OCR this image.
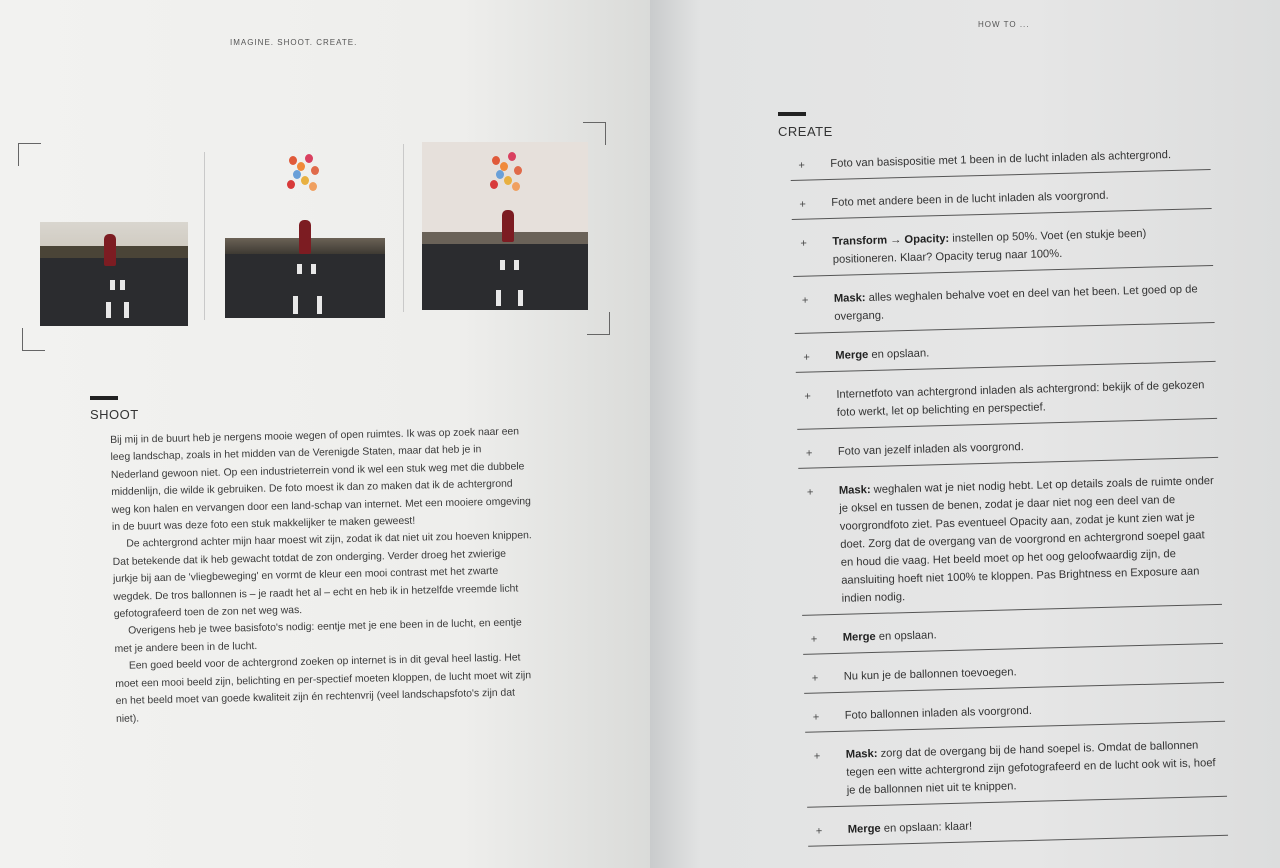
IMAGINE. SHOOT. CREATE.
SHOOT

Bij mij in de buurt heb je nergens mooie wegen of open ruimtes. Ik was op zoek naar een leeg landschap, zoals in het midden van de Verenigde Staten, maar dat heb je in Nederland gewoon niet. Op een industrieterrein vond ik wel een stuk weg met die dubbele middenlijn, die wilde ik gebruiken. De foto moest ik dan zo maken dat ik de achtergrond weg kon halen en vervangen door een land-schap van internet. Met een mooiere omgeving in de buurt was deze foto een stuk makkelijker te maken geweest!

De achtergrond achter mijn haar moest wit zijn, zodat ik dat niet uit zou hoeven knippen. Dat betekende dat ik heb gewacht totdat de zon onderging. Verder droeg het zwierige jurkje bij aan de 'vliegbeweging' en vormt de kleur een mooi contrast met het zwarte wegdek. De tros ballonnen is – je raadt het al – echt en heb ik in hetzelfde vreemde licht gefotografeerd toen de zon net weg was.

Overigens heb je twee basisfoto's nodig: eentje met je ene been in de lucht, en eentje met je andere been in de lucht.

Een goed beeld voor de achtergrond zoeken op internet is in dit geval heel lastig. Het moet een mooi beeld zijn, belichting en per-spectief moeten kloppen, de lucht moet wit zijn en het beeld moet van goede kwaliteit zijn én rechtenvrij (veel landschapsfoto's zijn dat niet).

HOW TO ...
CREATE
+ Foto van basispositie met 1 been in de lucht inladen als achtergrond.
+ Foto met andere been in de lucht inladen als voorgrond.
+ Transform → Opacity: instellen op 50%. Voet (en stukje been) positioneren. Klaar? Opacity terug naar 100%.
+ Mask: alles weghalen behalve voet en deel van het been. Let goed op de overgang.
+ Merge en opslaan.
+ Internetfoto van achtergrond inladen als achtergrond: bekijk of de gekozen foto werkt, let op belichting en perspectief.
+ Foto van jezelf inladen als voorgrond.
+ Mask: weghalen wat je niet nodig hebt. Let op details zoals de ruimte onder je oksel en tussen de benen, zodat je daar niet nog een deel van de voorgrondfoto ziet. Pas eventueel Opacity aan, zodat je kunt zien wat je doet. Zorg dat de overgang van de voorgrond en achtergrond soepel gaat en houd die vaag. Het beeld moet op het oog geloofwaardig zijn, de aansluiting hoeft niet 100% te kloppen. Pas Brightness en Exposure aan indien nodig.
+ Merge en opslaan.
+ Nu kun je de ballonnen toevoegen.
+ Foto ballonnen inladen als voorgrond.
+ Mask: zorg dat de overgang bij de hand soepel is. Omdat de ballonnen tegen een witte achtergrond zijn gefotografeerd en de lucht ook wit is, hoef je de ballonnen niet uit te knippen.
+ Merge en opslaan: klaar!
